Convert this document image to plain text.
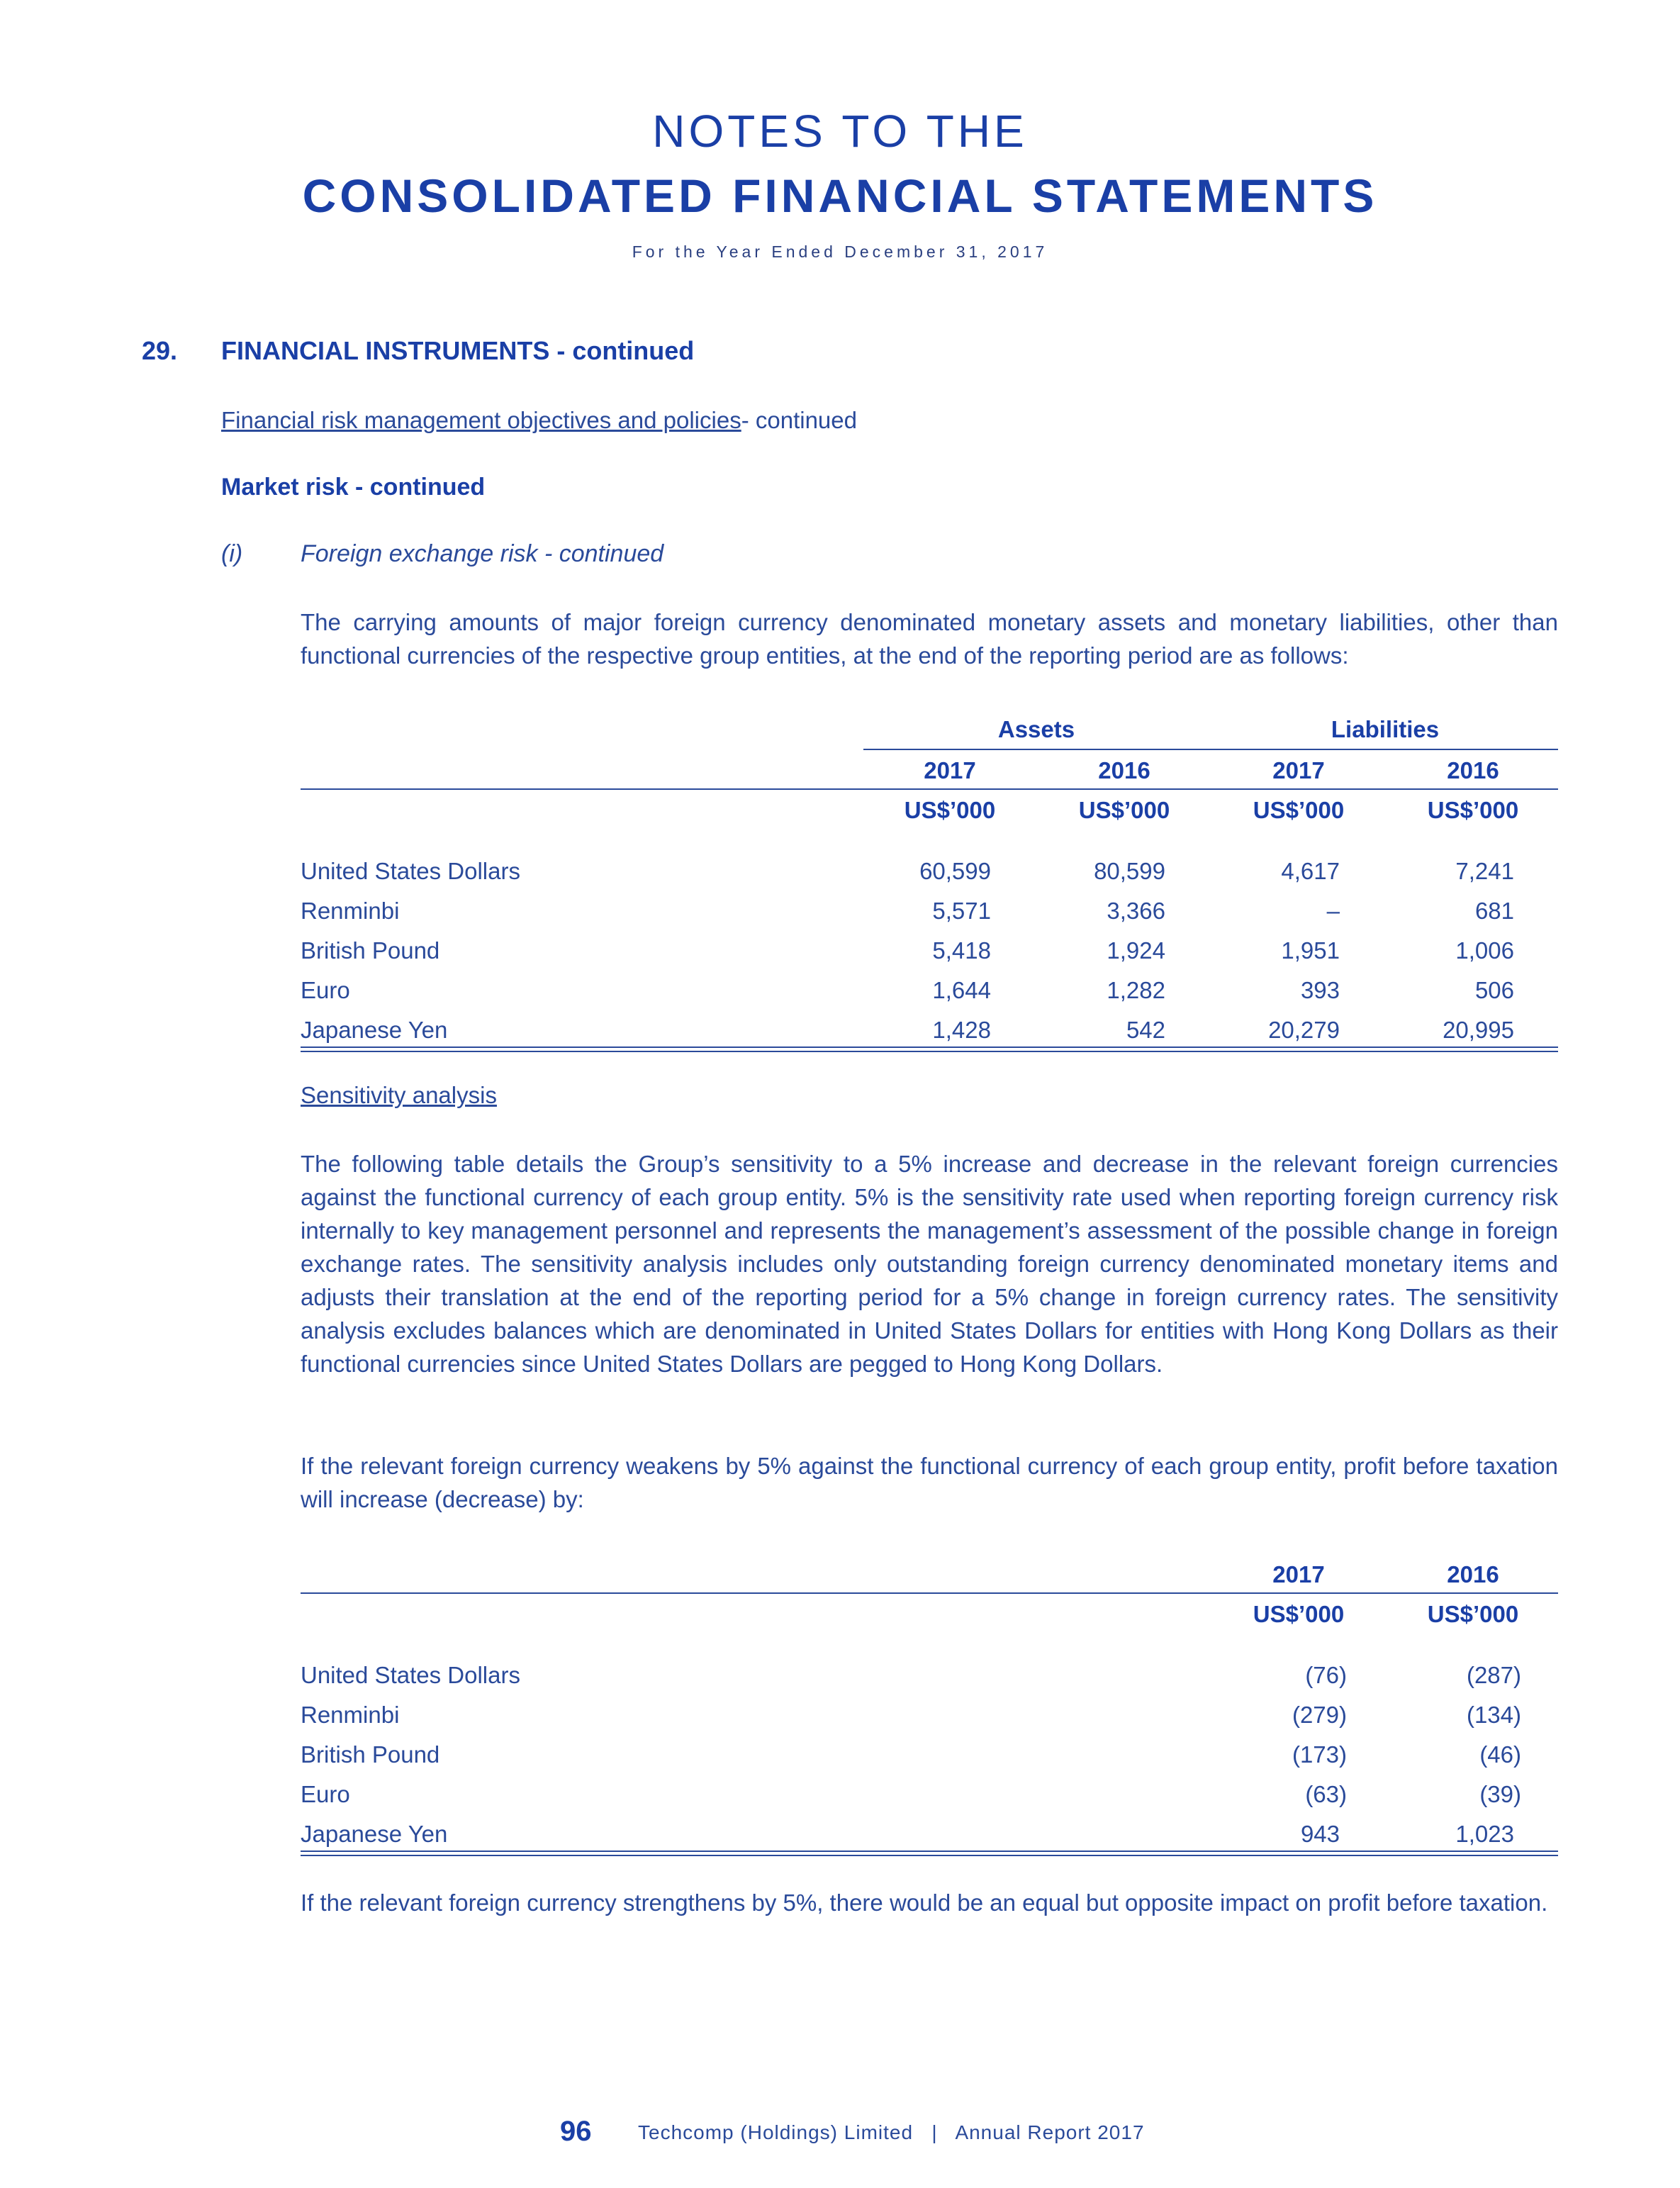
NOTES TO THE
CONSOLIDATED FINANCIAL STATEMENTS
For the Year Ended December 31, 2017
29. FINANCIAL INSTRUMENTS - continued
Financial risk management objectives and policies- continued
Market risk - continued
(i) Foreign exchange risk - continued
The carrying amounts of major foreign currency denominated monetary assets and monetary liabilities, other than functional currencies of the respective group entities, at the end of the reporting period are as follows:
Assets	Liabilities
2017	2016	2017	2016
US$’000	US$’000	US$’000	US$’000
United States Dollars	60,599	80,599	4,617	7,241
Renminbi	5,571	3,366	–	681
British Pound	5,418	1,924	1,951	1,006
Euro	1,644	1,282	393	506
Japanese Yen	1,428	542	20,279	20,995
Sensitivity analysis
The following table details the Group’s sensitivity to a 5% increase and decrease in the relevant foreign currencies against the functional currency of each group entity. 5% is the sensitivity rate used when reporting foreign currency risk internally to key management personnel and represents the management’s assessment of the possible change in foreign exchange rates. The sensitivity analysis includes only outstanding foreign currency denominated monetary items and adjusts their translation at the end of the reporting period for a 5% change in foreign currency rates. The sensitivity analysis excludes balances which are denominated in United States Dollars for entities with Hong Kong Dollars as their functional currencies since United States Dollars are pegged to Hong Kong Dollars.
If the relevant foreign currency weakens by 5% against the functional currency of each group entity, profit before taxation will increase (decrease) by:
2017	2016
US$’000	US$’000
United States Dollars	(76)	(287)
Renminbi	(279)	(134)
British Pound	(173)	(46)
Euro	(63)	(39)
Japanese Yen	943	1,023
If the relevant foreign currency strengthens by 5%, there would be an equal but opposite impact on profit before taxation.
96 Techcomp (Holdings) Limited   |   Annual Report 2017
